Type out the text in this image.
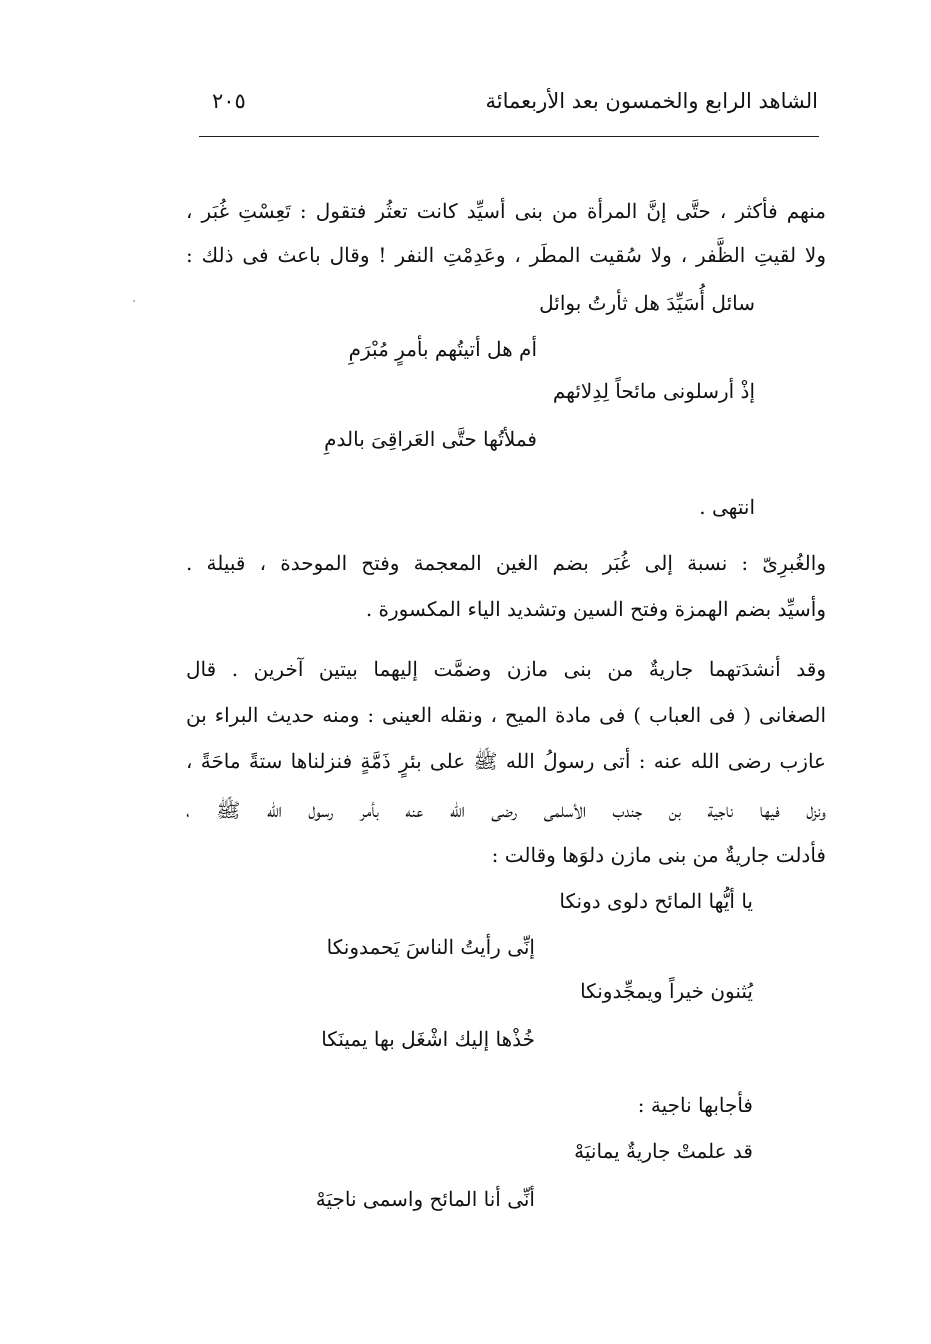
الشاهد الرابع والخمسون بعد الأربعمائة
٢٠٥
منهم فأكثر ، حتَّى إنَّ المرأة من بنى أسيِّد كانت تعثُر فتقول : تَعِسْتِ غُبَر ،
ولا لقيتِ الظَّفر ، ولا سُقيت المطَر ، وعَدِمْتِ النفر ! وقال باعث فى ذلك :
سائل أُسَيِّدَ هل ثأرتُ بوائل
أم هل أتيتُهم بأمرٍ مُبْرَمِ
إذْ أرسلونى مائحاً لِدِلائهم
فملأتُها حتَّى العَراقِىَ بالدمِ
انتهى .
والغُبرِىّ : نسبة إلى غُبَر بضم الغين المعجمة وفتح الموحدة ، قبيلة .
وأسيِّد بضم الهمزة وفتح السين وتشديد الياء المكسورة .
وقد أنشدَتهما جاريةٌ من بنى مازن وضمَّت إليهما بيتين آخرين . قال
الصغانى ( فى العباب ) فى مادة الميح ، ونقله العينى : ومنه حديث البراء بن
عازب رضى الله عنه : أتى رسولُ الله ﷺ على بئرٍ ذَمَّةٍ فنزلناها ستةً ماحَةً ،
ونزل فيها ناجية بن جندب الأسلمى رضى الله عنه بأمر رسول الله ﷺ ،
فأدلت جاريةٌ من بنى مازن دلوَها وقالت :
يا أيُّها المائح دلوى دونكا
إنِّى رأيتُ الناسَ يَحمدونكا
يُثنون خيراً ويمجِّدونكا
خُذْها إليك اشْغَل بها يمينَكا
فأجابها ناجية :
قد علمتْ جاريةٌ يمانيَهْ
أنِّى أنا المائح واسمى ناجيَهْ
